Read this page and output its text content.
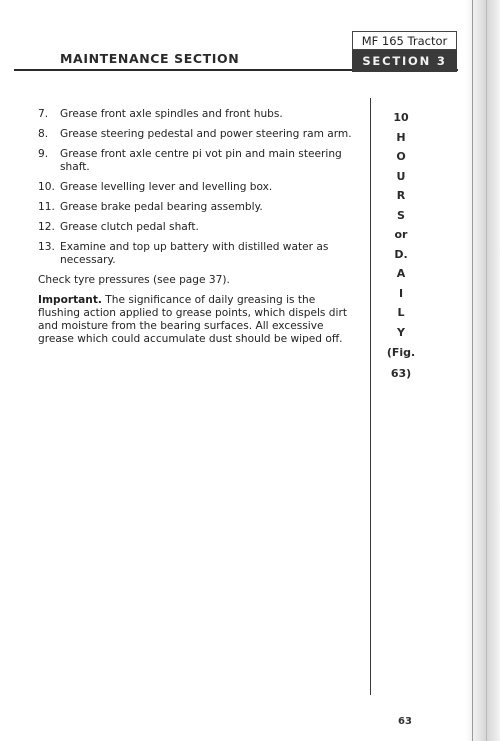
MAINTENANCE SECTION
MF 165 Tractor
SECTION 3
7.	Grease front axle spindles and front hubs.
8.	Grease steering pedestal and power steering ram arm.
9.	Grease front axle centre pi vot pin and main steering shaft.
10. Grease levelling lever and levelling box.
11. Grease brake pedal bearing assembly.
12. Grease clutch pedal shaft.
13. Examine and top up battery with distilled water as necessary.
Check tyre pressures (see page 37).
Important. The significance of daily greasing is the flushing action applied to grease points, which dispels dirt and moisture from the bearing surfaces. All excessive grease which could accumulate dust should be wiped off.
10
H
O
U
R
S
or
D.
A
I
L
Y
(Fig.
63)
63
